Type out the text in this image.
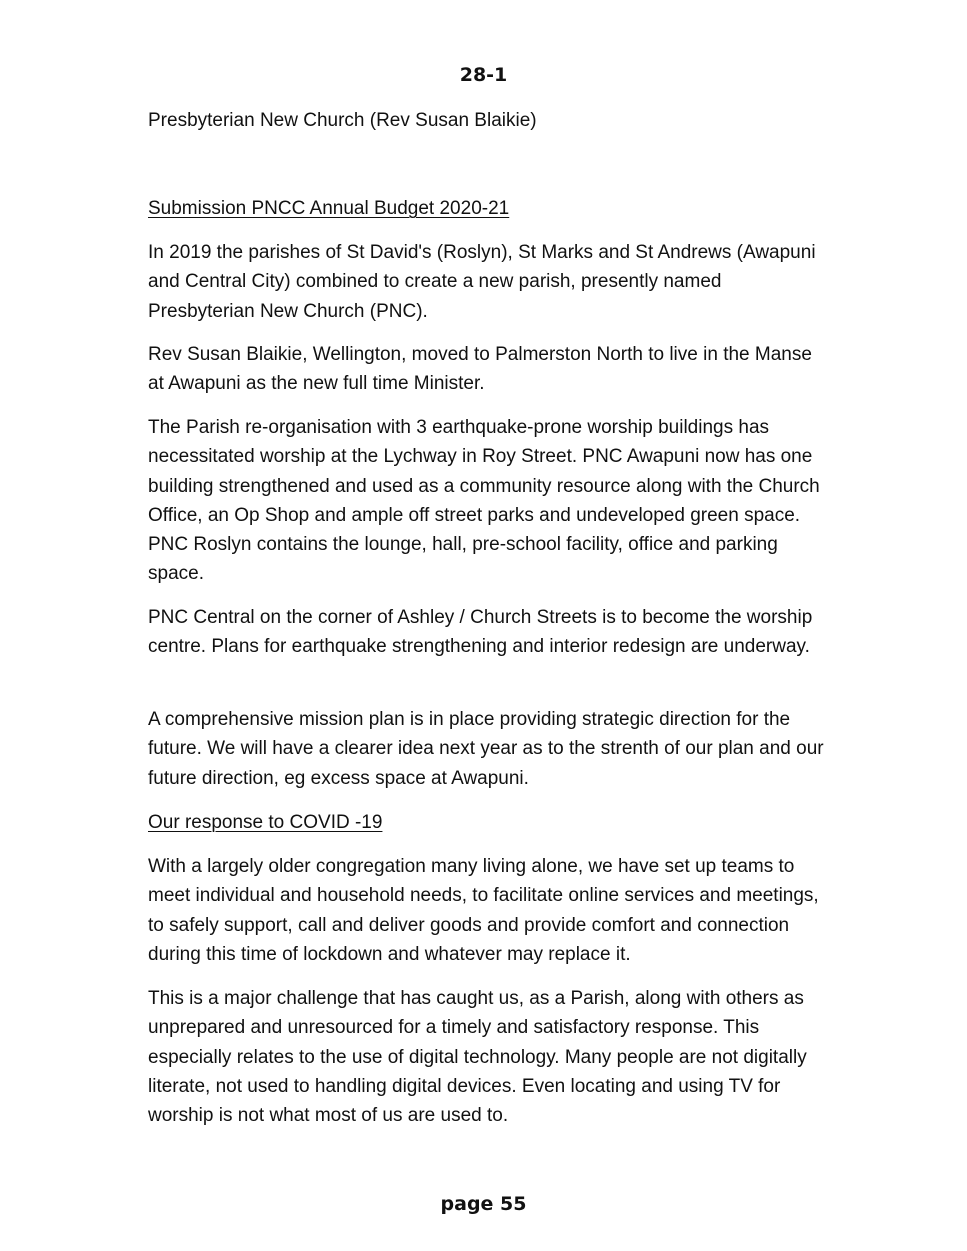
28-1

Presbyterian New Church (Rev Susan Blaikie)

Submission PNCC Annual Budget 2020-21

In 2019 the parishes of St David's (Roslyn), St Marks and St Andrews (Awapuni and Central City) combined to create a new parish, presently named Presbyterian New Church (PNC).

Rev Susan Blaikie, Wellington, moved to Palmerston North to live in the Manse at Awapuni as the new full time Minister.

The Parish re-organisation with 3 earthquake-prone worship buildings has necessitated worship at the Lychway in Roy Street. PNC Awapuni now has one building strengthened and used as a community resource along with the Church Office, an Op Shop and ample off street parks and undeveloped green space. PNC Roslyn contains the lounge, hall, pre-school facility, office and parking space.

PNC Central on the corner of Ashley / Church Streets is to become the worship centre. Plans for earthquake strengthening and interior redesign are underway.

A comprehensive mission plan is in place providing strategic direction for the future. We will have a clearer idea next year as to the strenth of our plan and our future direction, eg excess space at Awapuni.

Our response to COVID -19

With a largely older congregation many living alone, we have set up teams to meet individual and household needs, to facilitate online services and meetings, to safely support, call and deliver goods and provide comfort and connection during this time of lockdown and whatever may replace it.

This is a major challenge that has caught us, as a Parish, along with others as unprepared and unresourced for a timely and satisfactory response. This especially relates to the use of digital technology. Many people are not digitally literate, not used to handling digital devices. Even locating and using TV for worship is not what most of us are used to.

page 55
